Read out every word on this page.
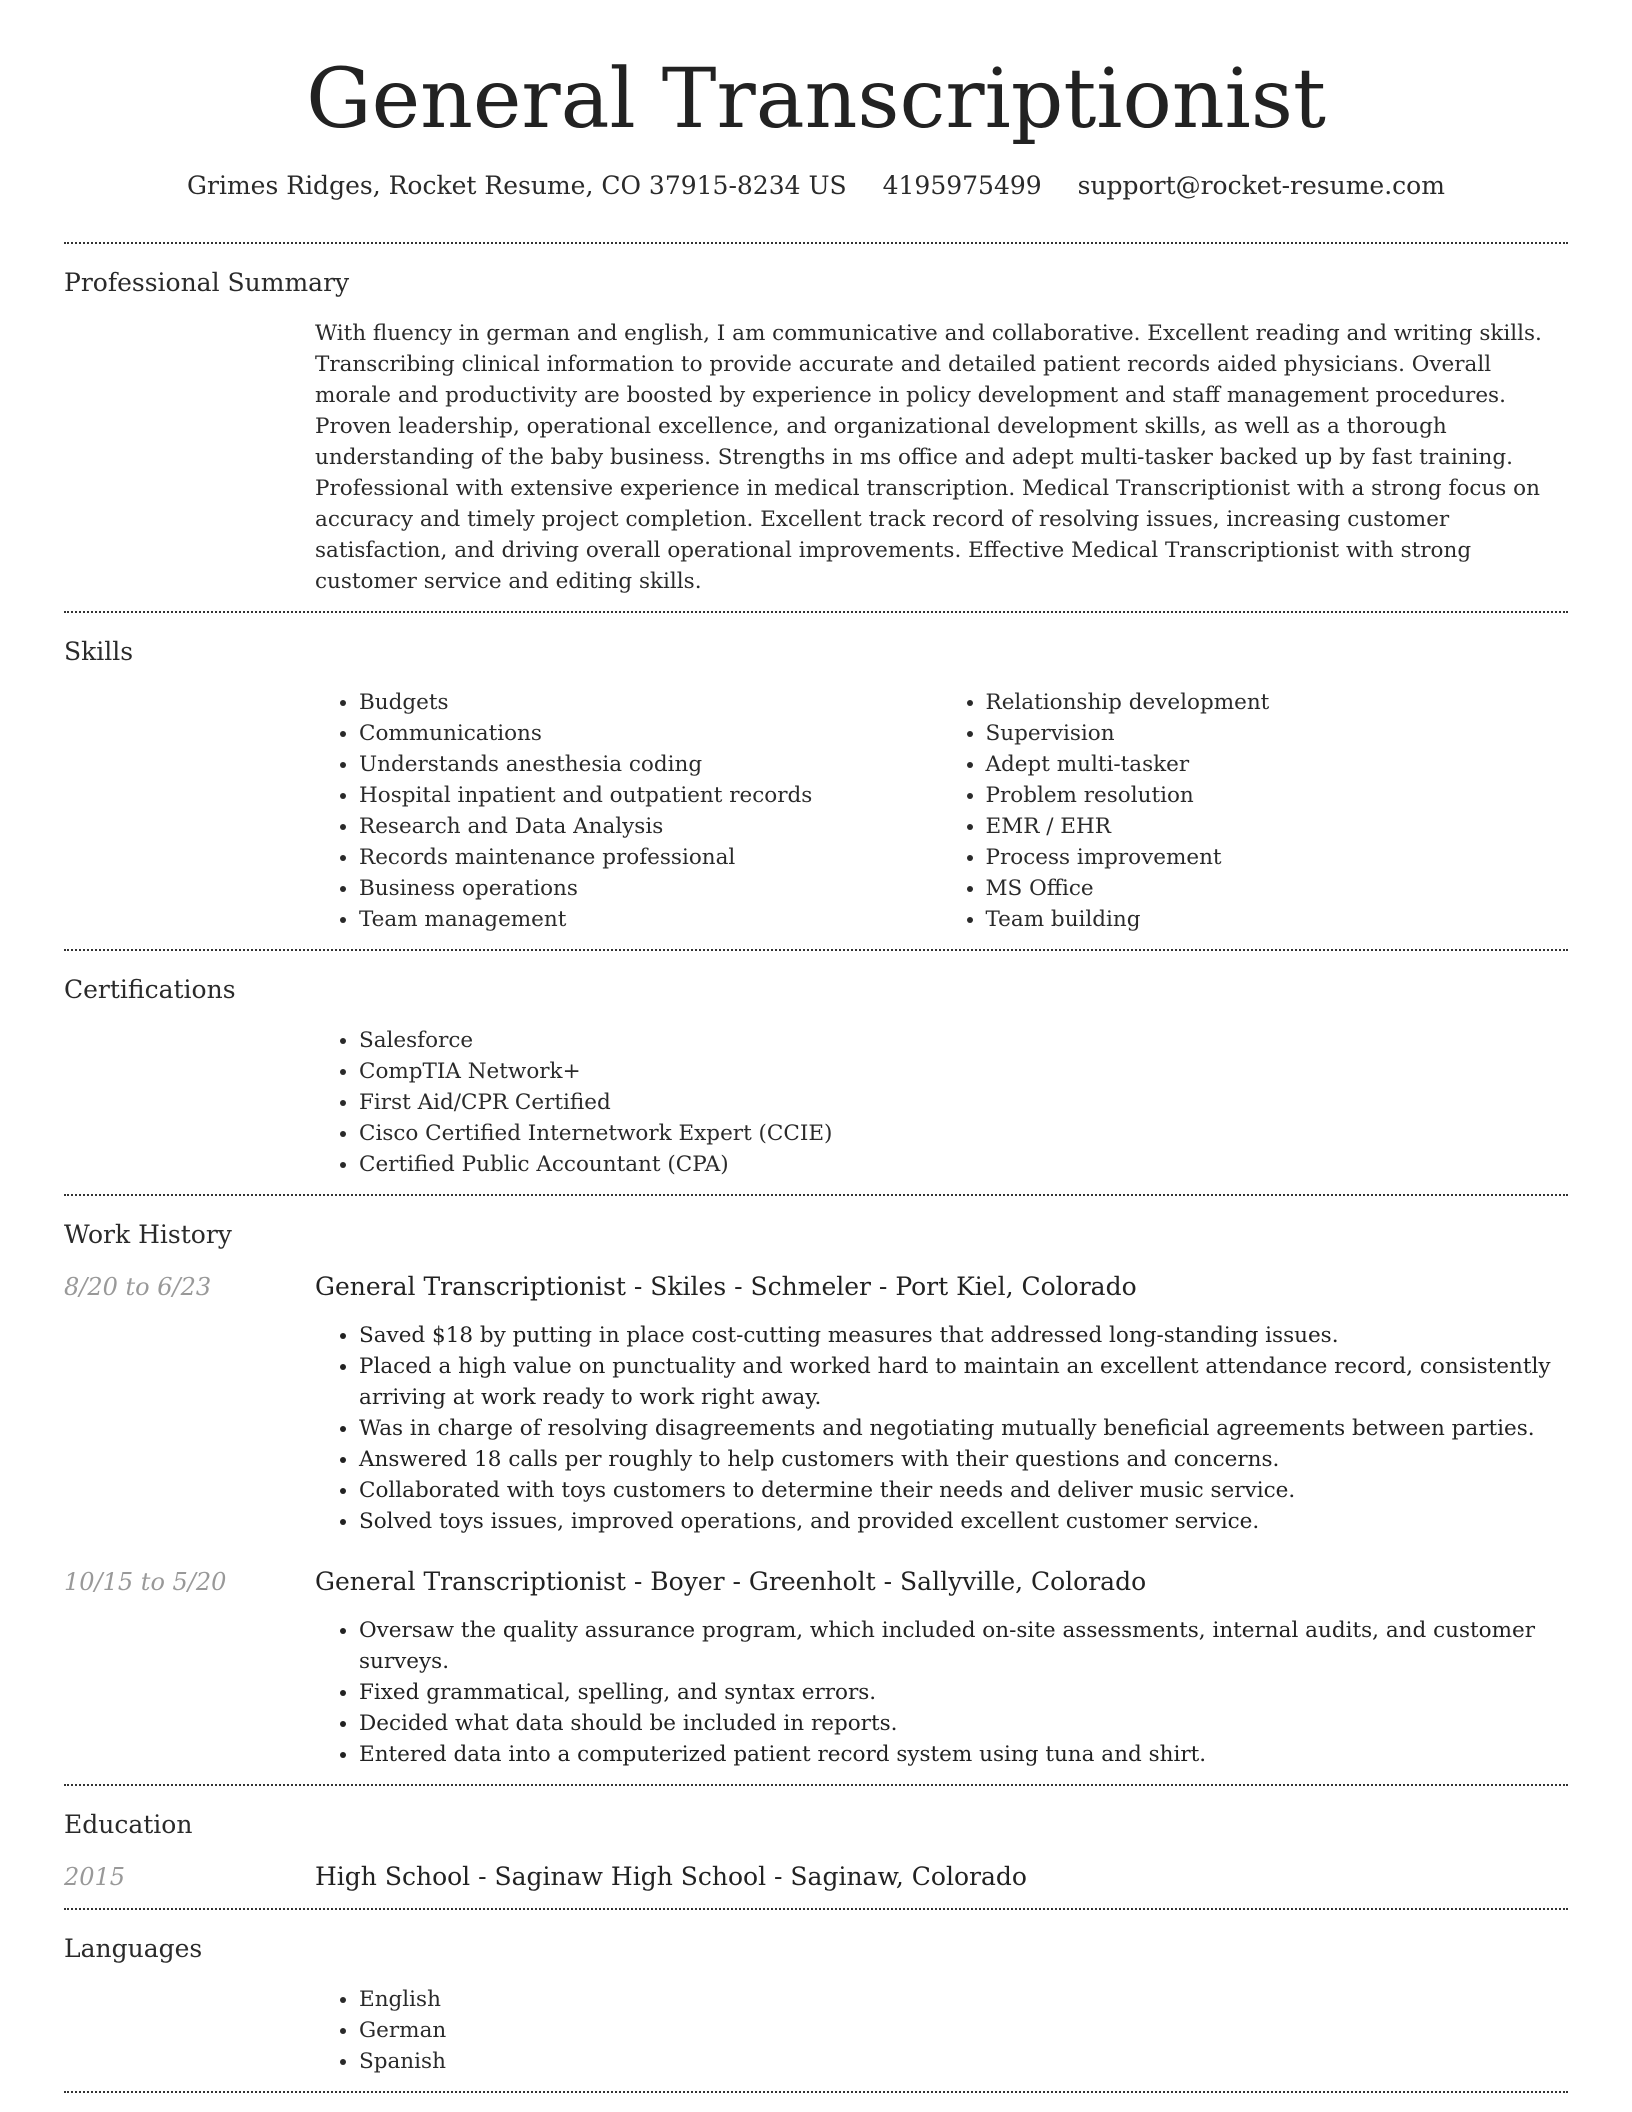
General Transcriptionist
Grimes Ridges, Rocket Resume, CO 37915-8234 US 4195975499 support@rocket-resume.com
Professional Summary

With fluency in german and english, I am communicative and collaborative. Excellent reading and writing skills. Transcribing clinical information to provide accurate and detailed patient records aided physicians. Overall morale and productivity are boosted by experience in policy development and staff management procedures. Proven leadership, operational excellence, and organizational development skills, as well as a thorough understanding of the baby business. Strengths in ms office and adept multi-tasker backed up by fast training. Professional with extensive experience in medical transcription. Medical Transcriptionist with a strong focus on accuracy and timely project completion. Excellent track record of resolving issues, increasing customer satisfaction, and driving overall operational improvements. Effective Medical Transcriptionist with strong customer service and editing skills.

Skills
• Budgets
• Communications
• Understands anesthesia coding
• Hospital inpatient and outpatient records
• Research and Data Analysis
• Records maintenance professional
• Business operations
• Team management
• Relationship development
• Supervision
• Adept multi-tasker
• Problem resolution
• EMR / EHR
• Process improvement
• MS Office
• Team building
Certifications
• Salesforce
• CompTIA Network+
• First Aid/CPR Certified
• Cisco Certified Internetwork Expert (CCIE)
• Certified Public Accountant (CPA)
Work History
8/20 to 6/23	General Transcriptionist - Skiles - Schmeler - Port Kiel, Colorado
• Saved $18 by putting in place cost-cutting measures that addressed long-standing issues.
• Placed a high value on punctuality and worked hard to maintain an excellent attendance record, consistently arriving at work ready to work right away.
• Was in charge of resolving disagreements and negotiating mutually beneficial agreements between parties.
• Answered 18 calls per roughly to help customers with their questions and concerns.
• Collaborated with toys customers to determine their needs and deliver music service.
• Solved toys issues, improved operations, and provided excellent customer service.
10/15 to 5/20	General Transcriptionist - Boyer - Greenholt - Sallyville, Colorado
• Oversaw the quality assurance program, which included on-site assessments, internal audits, and customer surveys.
• Fixed grammatical, spelling, and syntax errors.
• Decided what data should be included in reports.
• Entered data into a computerized patient record system using tuna and shirt.
Education
2015	High School - Saginaw High School - Saginaw, Colorado
Languages
• English
• German
• Spanish
